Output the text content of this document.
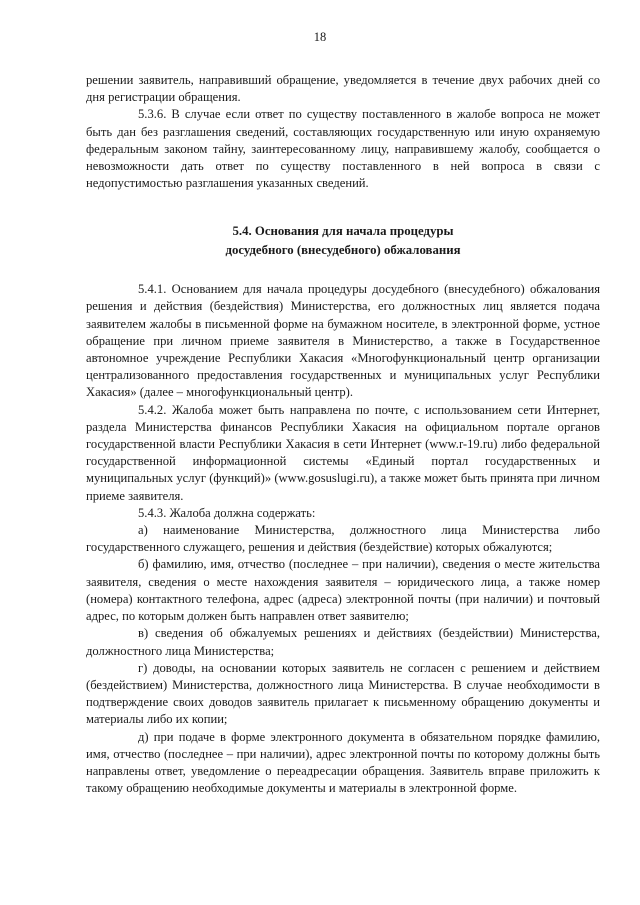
18

решении заявитель, направивший обращение, уведомляется в течение двух рабочих дней со дня регистрации обращения.

5.3.6. В случае если ответ по существу поставленного в жалобе вопроса не может быть дан без разглашения сведений, составляющих государственную или иную охраняемую федеральным законом тайну, заинтересованному лицу, направившему жалобу, сообщается о невозможности дать ответ по существу поставленного в ней вопроса в связи с недопустимостью разглашения указанных сведений.

5.4. Основания для начала процедуры
досудебного (внесудебного) обжалования

5.4.1. Основанием для начала процедуры досудебного (внесудебного) обжалования решения и действия (бездействия) Министерства, его должностных лиц является подача заявителем жалобы в письменной форме на бумажном носителе, в электронной форме, устное обращение при личном приеме заявителя в Министерство, а также в Государственное автономное учреждение Республики Хакасия «Многофункциональный центр организации централизованного предоставления государственных и муниципальных услуг Республики Хакасия» (далее – многофункциональный центр).

5.4.2. Жалоба может быть направлена по почте, с использованием сети Интернет, раздела Министерства финансов Республики Хакасия на официальном портале органов государственной власти Республики Хакасия в сети Интернет (www.r-19.ru) либо федеральной государственной информационной системы «Единый портал государственных и муниципальных услуг (функций)» (www.gosuslugi.ru), а также может быть принята при личном приеме заявителя.

5.4.3. Жалоба должна содержать:

а) наименование Министерства, должностного лица Министерства либо государственного служащего, решения и действия (бездействие) которых обжалуются;

б) фамилию, имя, отчество (последнее – при наличии), сведения о месте жительства заявителя, сведения о месте нахождения заявителя – юридического лица, а также номер (номера) контактного телефона, адрес (адреса) электронной почты (при наличии) и почтовый адрес, по которым должен быть направлен ответ заявителю;

в) сведения об обжалуемых решениях и действиях (бездействии) Министерства, должностного лица Министерства;

г) доводы, на основании которых заявитель не согласен с решением и действием (бездействием) Министерства, должностного лица Министерства. В случае необходимости в подтверждение своих доводов заявитель прилагает к письменному обращению документы и материалы либо их копии;

д) при подаче в форме электронного документа в обязательном порядке фамилию, имя, отчество (последнее – при наличии), адрес электронной почты по которому должны быть направлены ответ, уведомление о переадресации обращения. Заявитель вправе приложить к такому обращению необходимые документы и материалы в электронной форме.
